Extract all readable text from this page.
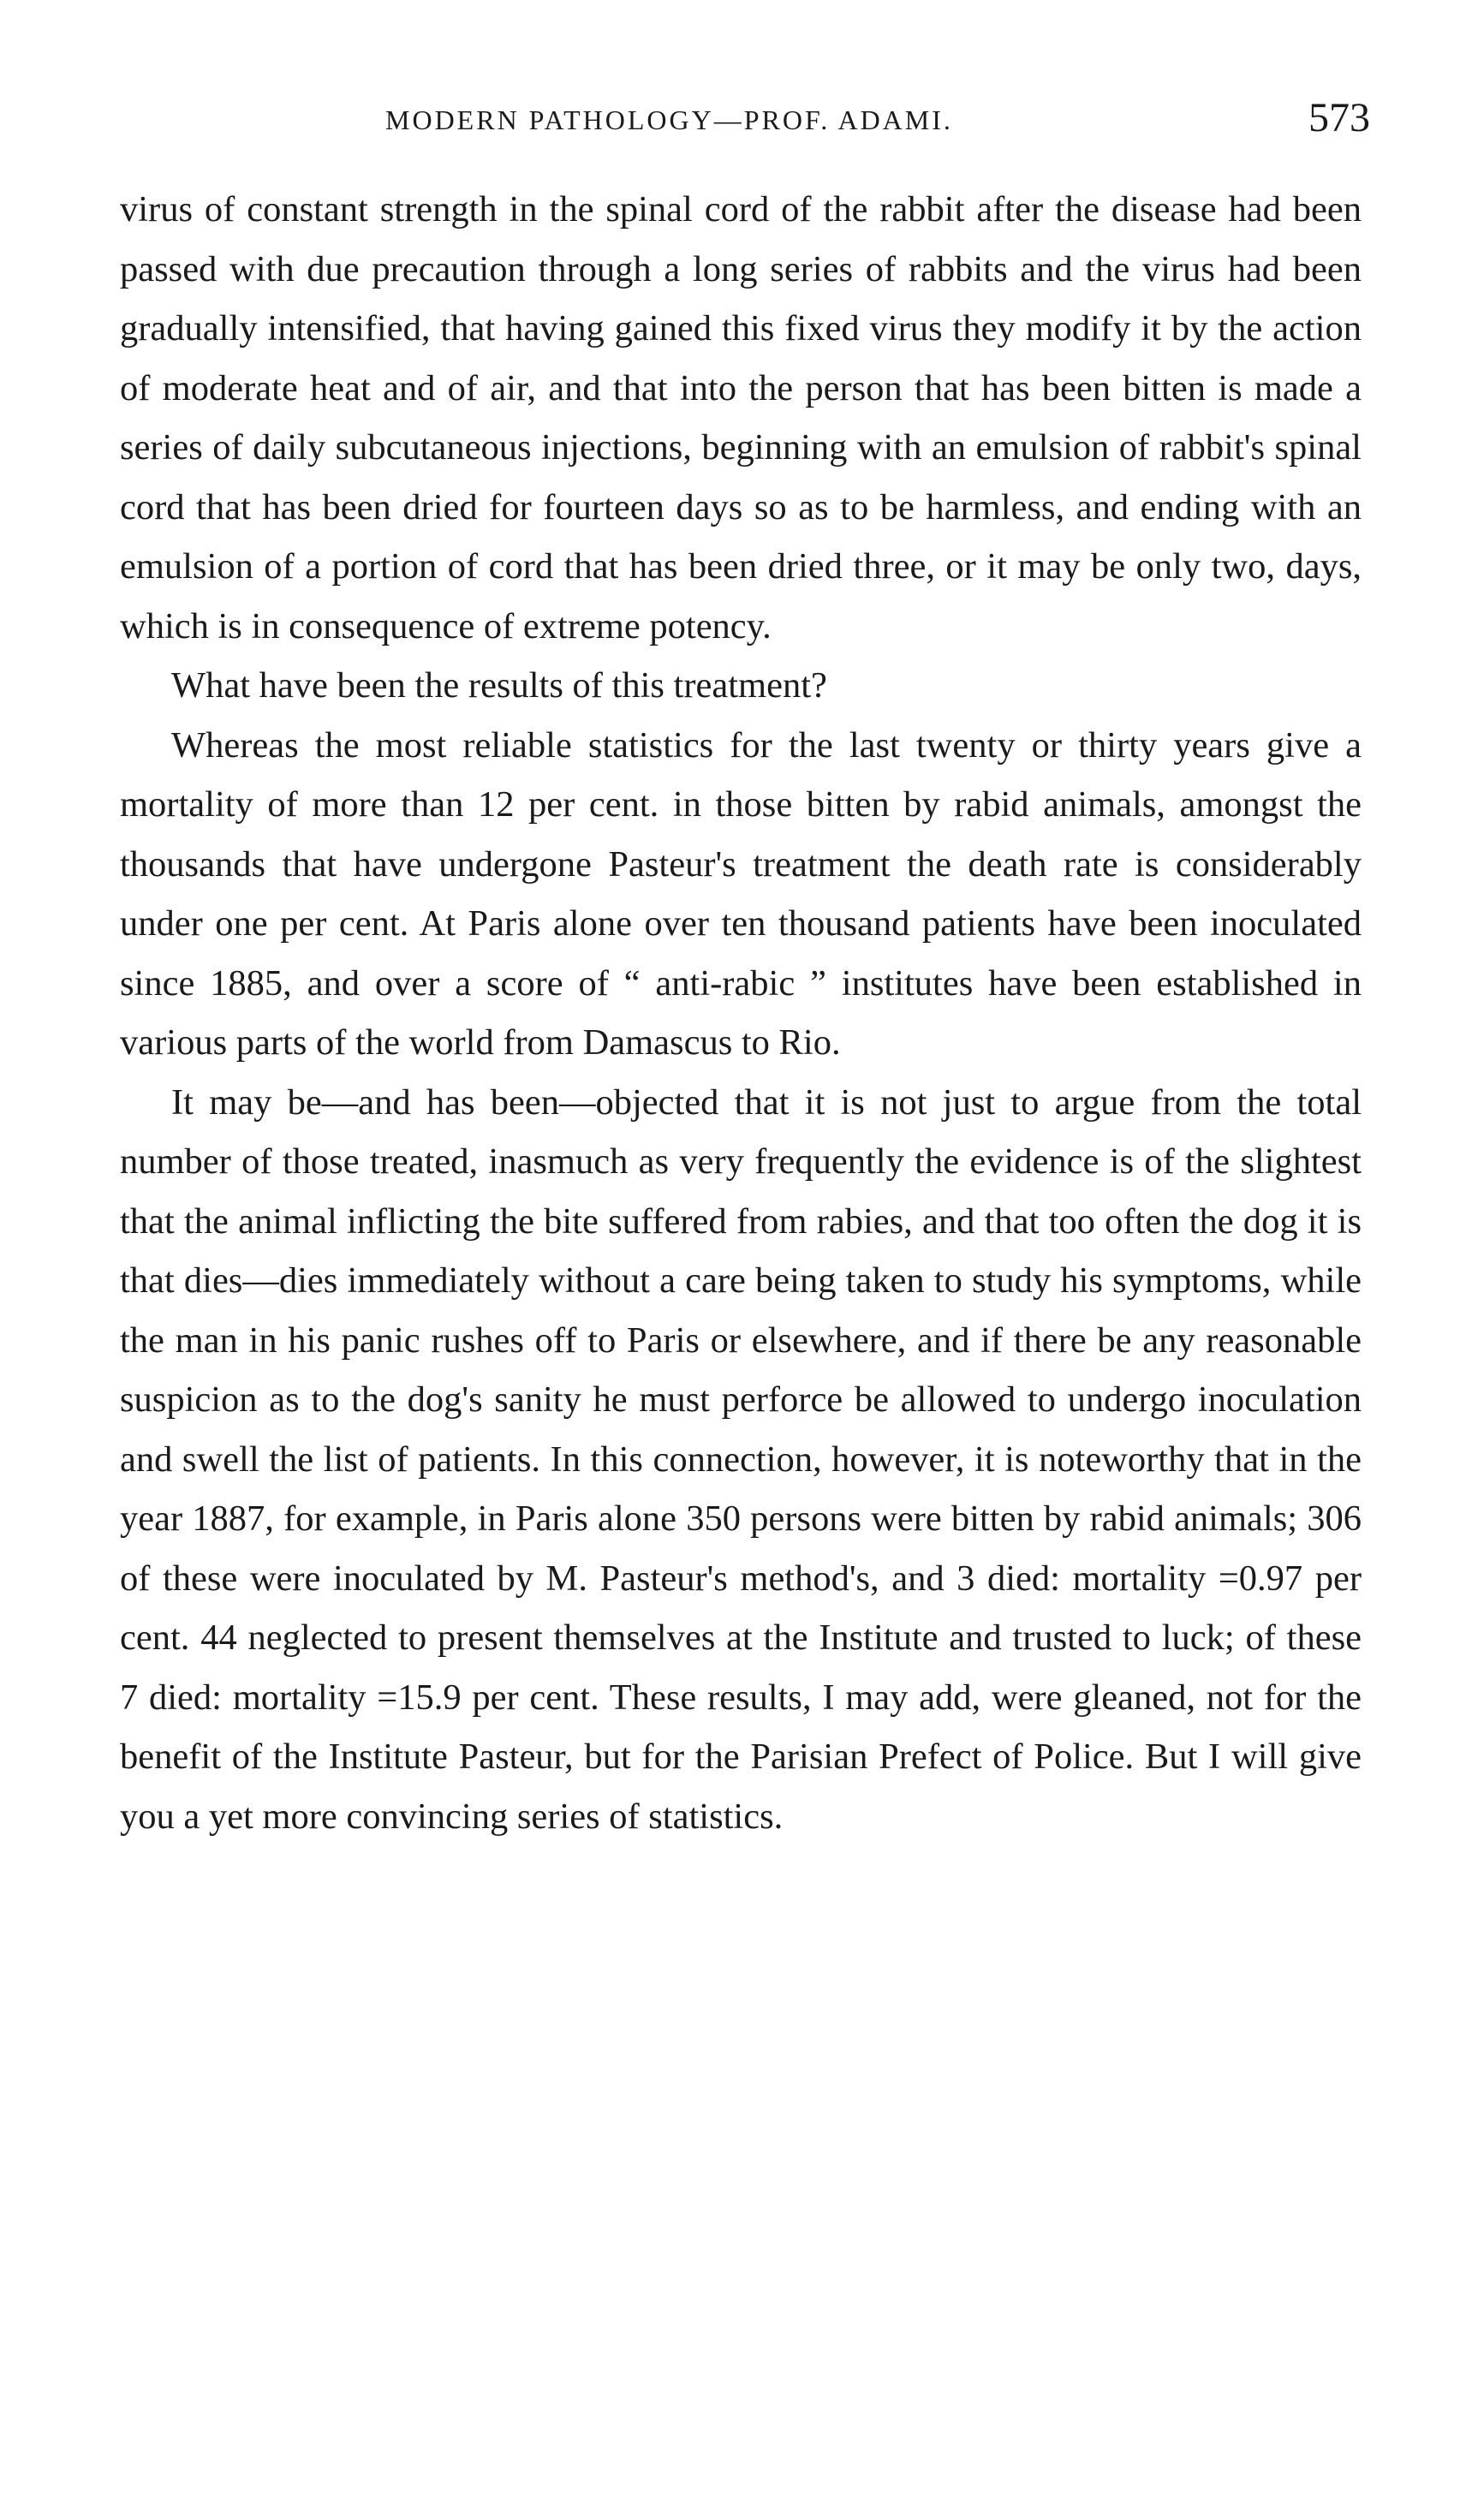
MODERN PATHOLOGY—PROF. ADAMI.	573

virus of constant strength in the spinal cord of the rabbit after the disease had been passed with due precaution through a long series of rabbits and the virus had been gradually intensified, that having gained this fixed virus they modify it by the action of moderate heat and of air, and that into the person that has been bitten is made a series of daily subcutaneous injections, beginning with an emulsion of rabbit's spinal cord that has been dried for fourteen days so as to be harmless, and ending with an emulsion of a portion of cord that has been dried three, or it may be only two, days, which is in consequence of extreme potency.

What have been the results of this treatment?

Whereas the most reliable statistics for the last twenty or thirty years give a mortality of more than 12 per cent. in those bitten by rabid animals, amongst the thousands that have undergone Pasteur's treatment the death rate is considerably under one per cent. At Paris alone over ten thousand patients have been inoculated since 1885, and over a score of “ anti-rabic ” institutes have been established in various parts of the world from Damascus to Rio.

It may be—and has been—objected that it is not just to argue from the total number of those treated, inasmuch as very frequently the evidence is of the slightest that the animal inflicting the bite suffered from rabies, and that too often the dog it is that dies—dies immediately without a care being taken to study his symptoms, while the man in his panic rushes off to Paris or elsewhere, and if there be any reasonable suspicion as to the dog's sanity he must perforce be allowed to undergo inoculation and swell the list of patients. In this connection, however, it is noteworthy that in the year 1887, for example, in Paris alone 350 persons were bitten by rabid animals; 306 of these were inoculated by M. Pasteur's method's, and 3 died: mortality =0.97 per cent. 44 neglected to present themselves at the Institute and trusted to luck; of these 7 died: mortality =15.9 per cent. These results, I may add, were gleaned, not for the benefit of the Institute Pasteur, but for the Parisian Prefect of Police. But I will give you a yet more convincing series of statistics.
